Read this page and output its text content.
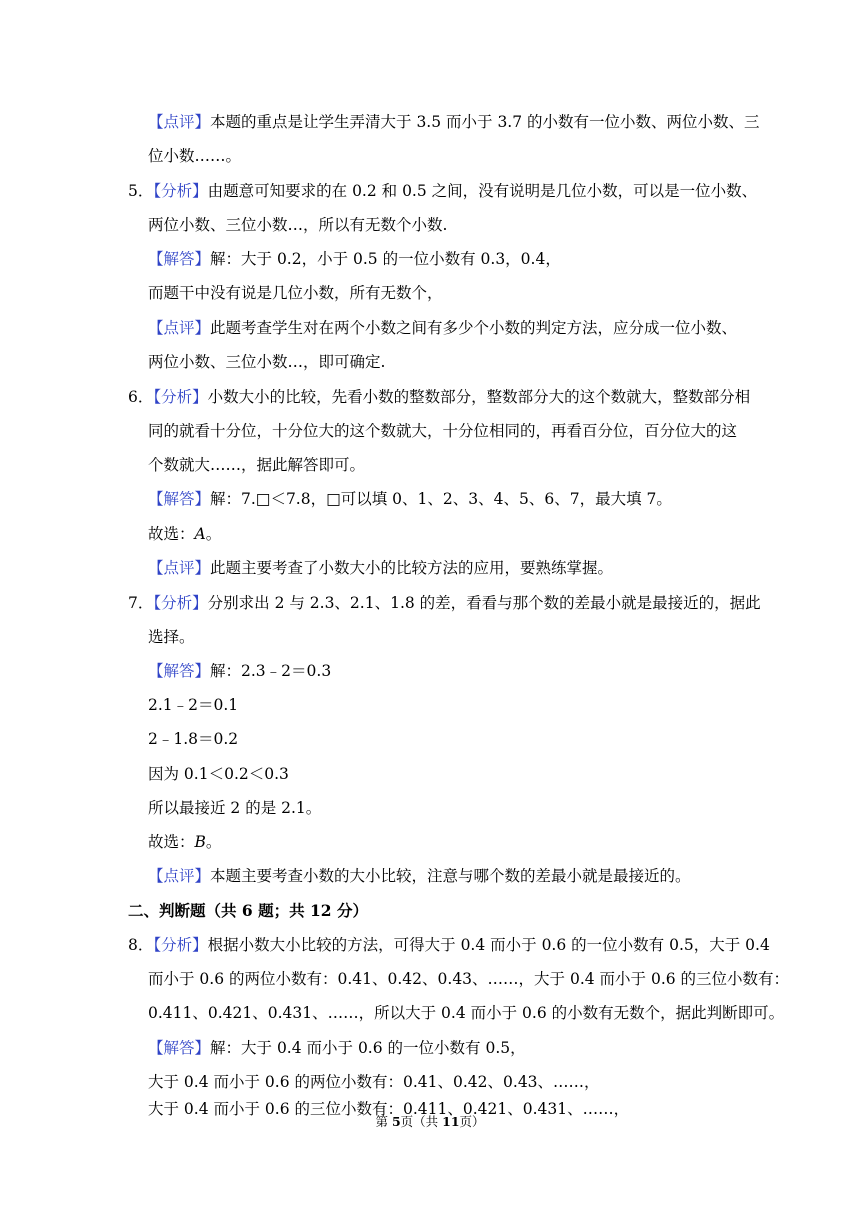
【点评】本题的重点是让学生弄清大于 3.5 而小于 3.7 的小数有一位小数、两位小数、三
位小数……。
5．【分析】由题意可知要求的在 0.2 和 0.5 之间，没有说明是几位小数，可以是一位小数、
两位小数、三位小数…，所以有无数个小数.
【解答】解：大于 0.2，小于 0.5 的一位小数有 0.3，0.4，
而题干中没有说是几位小数，所有无数个，
【点评】此题考查学生对在两个小数之间有多少个小数的判定方法，应分成一位小数、
两位小数、三位小数…，即可确定.
6．【分析】小数大小的比较，先看小数的整数部分，整数部分大的这个数就大，整数部分相
同的就看十分位，十分位大的这个数就大，十分位相同的，再看百分位，百分位大的这
个数就大……，据此解答即可。
【解答】解：7.□＜7.8，□可以填 0、1、2、3、4、5、6、7，最大填 7。
故选：A。
【点评】此题主要考查了小数大小的比较方法的应用，要熟练掌握。
7．【分析】分别求出 2 与 2.3、2.1、1.8 的差，看看与那个数的差最小就是最接近的，据此
选择。
【解答】解：2.3﹣2＝0.3
2.1﹣2＝0.1
2﹣1.8＝0.2
因为 0.1＜0.2＜0.3
所以最接近 2 的是 2.1。
故选：B。
【点评】本题主要考查小数的大小比较，注意与哪个数的差最小就是最接近的。
二、判断题（共 6 题；共 12 分）
8．【分析】根据小数大小比较的方法，可得大于 0.4 而小于 0.6 的一位小数有 0.5，大于 0.4
而小于 0.6 的两位小数有：0.41、0.42、0.43、……，大于 0.4 而小于 0.6 的三位小数有：
0.411、0.421、0.431、……，所以大于 0.4 而小于 0.6 的小数有无数个，据此判断即可。
【解答】解：大于 0.4 而小于 0.6 的一位小数有 0.5，
大于 0.4 而小于 0.6 的两位小数有：0.41、0.42、0.43、……，
大于 0.4 而小于 0.6 的三位小数有：0.411、0.421、0.431、……，
第 5页（共 11页）
